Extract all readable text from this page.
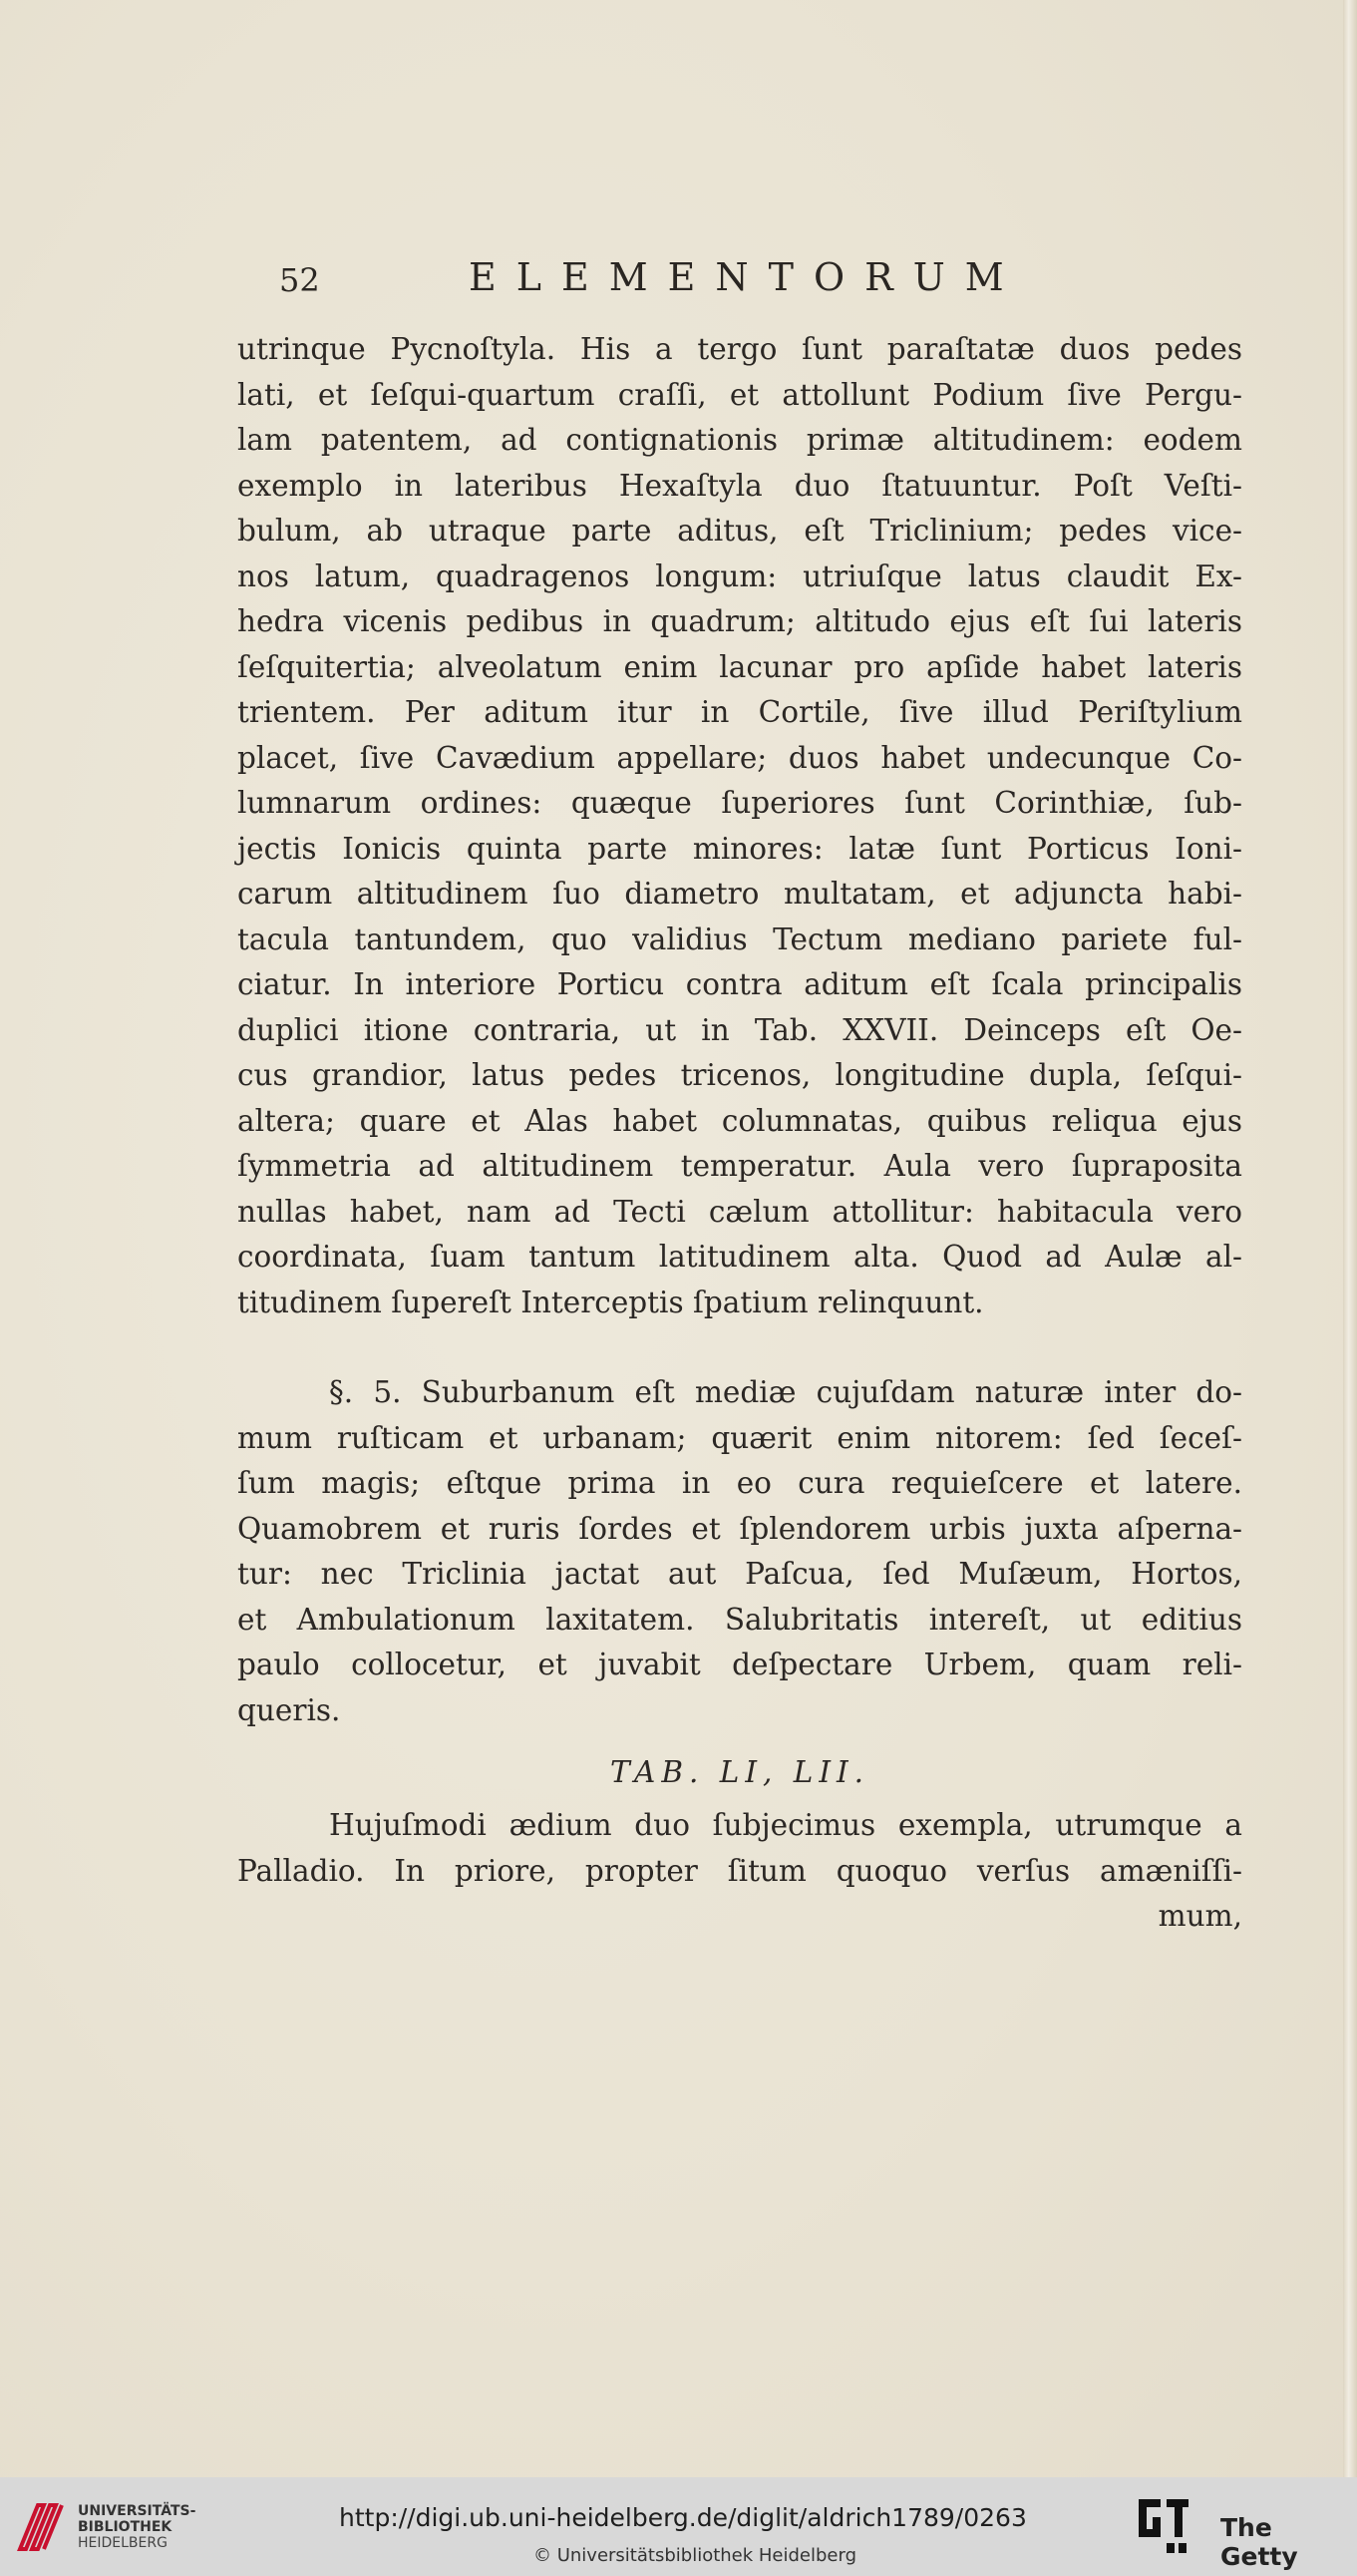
52	ELEMENTORUM
utrinque Pycnoſtyla. His a tergo ſunt paraſtatæ duos pedes
lati, et ſeſqui-quartum craſſi, et attollunt Podium ſive Pergu-
lam patentem, ad contignationis primæ altitudinem: eodem
exemplo in lateribus Hexaſtyla duo ſtatuuntur. Poſt Veſti-
bulum, ab utraque parte aditus, eſt Triclinium; pedes vice-
nos latum, quadragenos longum: utriuſque latus claudit Ex-
hedra vicenis pedibus in quadrum; altitudo ejus eſt ſui lateris
ſeſquitertia; alveolatum enim lacunar pro apſide habet lateris
trientem. Per aditum itur in Cortile, ſive illud Periſtylium
placet, ſive Cavædium appellare; duos habet undecunque Co-
lumnarum ordines: quæque ſuperiores ſunt Corinthiæ, ſub-
jectis Ionicis quinta parte minores: latæ ſunt Porticus Ioni-
carum altitudinem ſuo diametro multatam, et adjuncta habi-
tacula tantundem, quo validius Tectum mediano pariete ful-
ciatur. In interiore Porticu contra aditum eſt ſcala principalis
duplici itione contraria, ut in Tab. XXVII. Deinceps eſt Oe-
cus grandior, latus pedes tricenos, longitudine dupla, ſeſqui-
altera; quare et Alas habet columnatas, quibus reliqua ejus
ſymmetria ad altitudinem temperatur. Aula vero ſupraposita
nullas habet, nam ad Tecti cælum attollitur: habitacula vero
coordinata, ſuam tantum latitudinem alta. Quod ad Aulæ al-
titudinem ſupereſt Interceptis ſpatium relinquunt.
§. 5. Suburbanum eſt mediæ cujuſdam naturæ inter do-
mum ruſticam et urbanam; quærit enim nitorem: ſed ſeceſ-
ſum magis; eſtque prima in eo cura requieſcere et latere.
Quamobrem et ruris ſordes et ſplendorem urbis juxta aſperna-
tur: nec Triclinia jactat aut Paſcua, ſed Muſæum, Hortos,
et Ambulationum laxitatem. Salubritatis intereſt, ut editius
paulo collocetur, et juvabit deſpectare Urbem, quam reli-
queris.
TAB. LI, LII.
Hujuſmodi ædium duo ſubjecimus exempla, utrumque a
Palladio. In priore, propter ſitum quoquo verſus amæniſſi-
mum,
UNIVERSITÄTS-
BIBLIOTHEK
HEIDELBERG
http://digi.ub.uni-heidelberg.de/diglit/aldrich1789/0263
© Universitätsbibliothek Heidelberg
The Getty
